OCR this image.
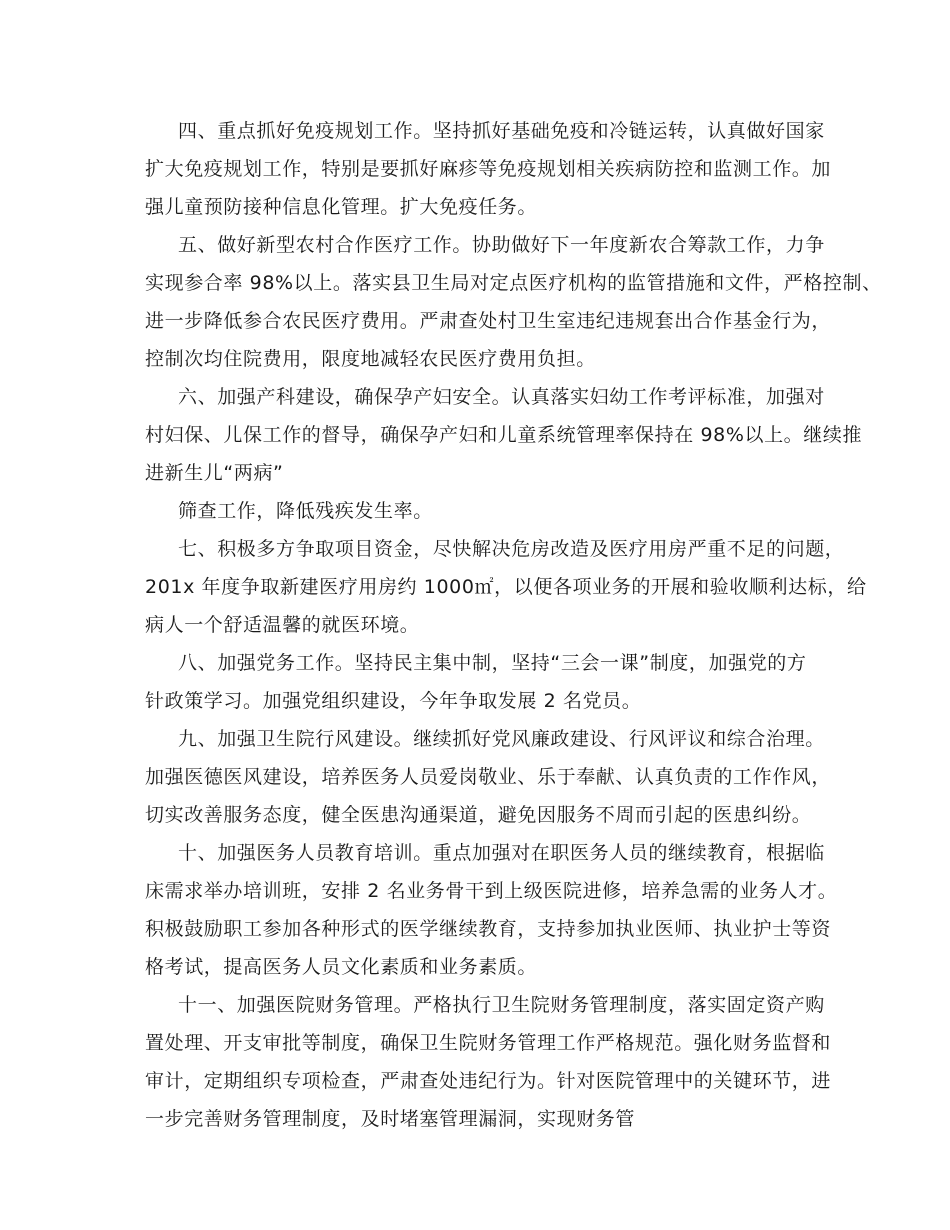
四、重点抓好免疫规划工作。坚持抓好基础免疫和冷链运转，认真做好国家
扩大免疫规划工作，特别是要抓好麻疹等免疫规划相关疾病防控和监测工作。加
强儿童预防接种信息化管理。扩大免疫任务。
五、做好新型农村合作医疗工作。协助做好下一年度新农合筹款工作，力争
实现参合率 98%以上。落实县卫生局对定点医疗机构的监管措施和文件，严格控制、
进一步降低参合农民医疗费用。严肃查处村卫生室违纪违规套出合作基金行为，
控制次均住院费用，限度地减轻农民医疗费用负担。
六、加强产科建设，确保孕产妇安全。认真落实妇幼工作考评标准，加强对
村妇保、儿保工作的督导，确保孕产妇和儿童系统管理率保持在 98%以上。继续推
进新生儿“两病”
筛查工作，降低残疾发生率。
七、积极多方争取项目资金，尽快解决危房改造及医疗用房严重不足的问题，
201x 年度争取新建医疗用房约 1000㎡，以便各项业务的开展和验收顺利达标，给
病人一个舒适温馨的就医环境。
八、加强党务工作。坚持民主集中制，坚持“三会一课”制度，加强党的方
针政策学习。加强党组织建设，今年争取发展 2 名党员。
九、加强卫生院行风建设。继续抓好党风廉政建设、行风评议和综合治理。
加强医德医风建设，培养医务人员爱岗敬业、乐于奉献、认真负责的工作作风，
切实改善服务态度，健全医患沟通渠道，避免因服务不周而引起的医患纠纷。
十、加强医务人员教育培训。重点加强对在职医务人员的继续教育，根据临
床需求举办培训班，安排 2 名业务骨干到上级医院进修，培养急需的业务人才。
积极鼓励职工参加各种形式的医学继续教育，支持参加执业医师、执业护士等资
格考试，提高医务人员文化素质和业务素质。
十一、加强医院财务管理。严格执行卫生院财务管理制度，落实固定资产购
置处理、开支审批等制度，确保卫生院财务管理工作严格规范。强化财务监督和
审计，定期组织专项检查，严肃查处违纪行为。针对医院管理中的关键环节，进
一步完善财务管理制度，及时堵塞管理漏洞，实现财务管
